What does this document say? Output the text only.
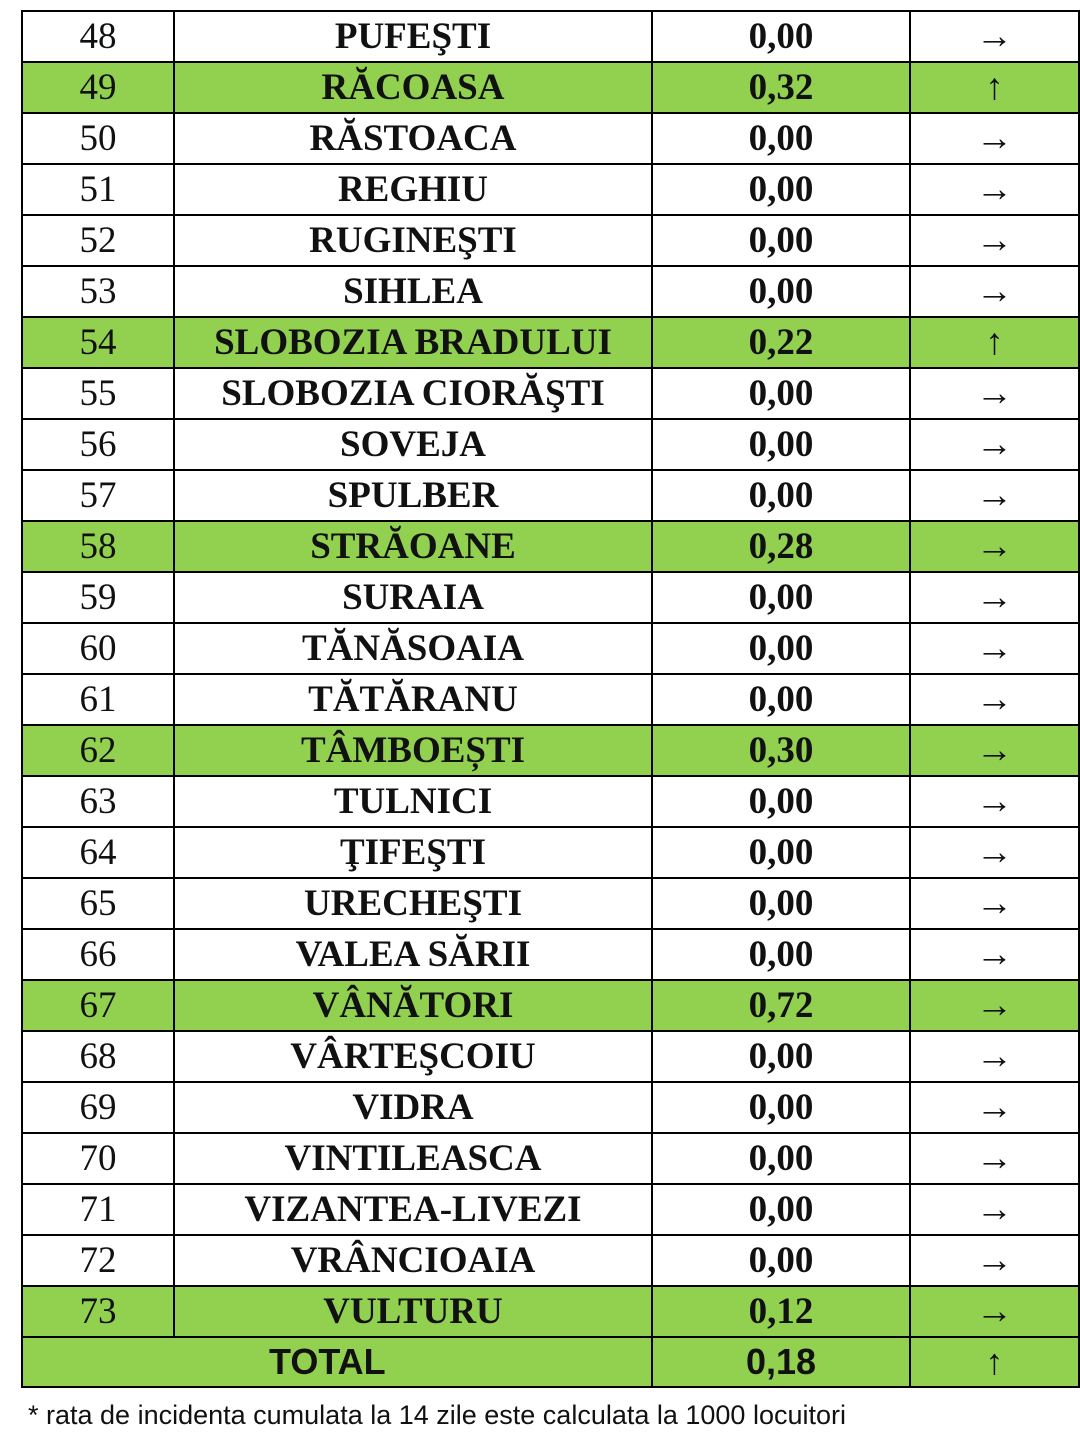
48	PUFEŞTI	0,00	→
49	RĂCOASA	0,32	↑
50	RĂSTOACA	0,00	→
51	REGHIU	0,00	→
52	RUGINEŞTI	0,00	→
53	SIHLEA	0,00	→
54	SLOBOZIA BRADULUI	0,22	↑
55	SLOBOZIA CIORĂŞTI	0,00	→
56	SOVEJA	0,00	→
57	SPULBER	0,00	→
58	STRĂOANE	0,28	→
59	SURAIA	0,00	→
60	TĂNĂSOAIA	0,00	→
61	TĂTĂRANU	0,00	→
62	TÂMBOEȘTI	0,30	→
63	TULNICI	0,00	→
64	ŢIFEŞTI	0,00	→
65	URECHEŞTI	0,00	→
66	VALEA SĂRII	0,00	→
67	VÂNĂTORI	0,72	→
68	VÂRTEŞCOIU	0,00	→
69	VIDRA	0,00	→
70	VINTILEASCA	0,00	→
71	VIZANTEA-LIVEZI	0,00	→
72	VRÂNCIOAIA	0,00	→
73	VULTURU	0,12	→
TOTAL		0,18	↑
* rata de incidenta cumulata la 14 zile este calculata la 1000 locuitori
